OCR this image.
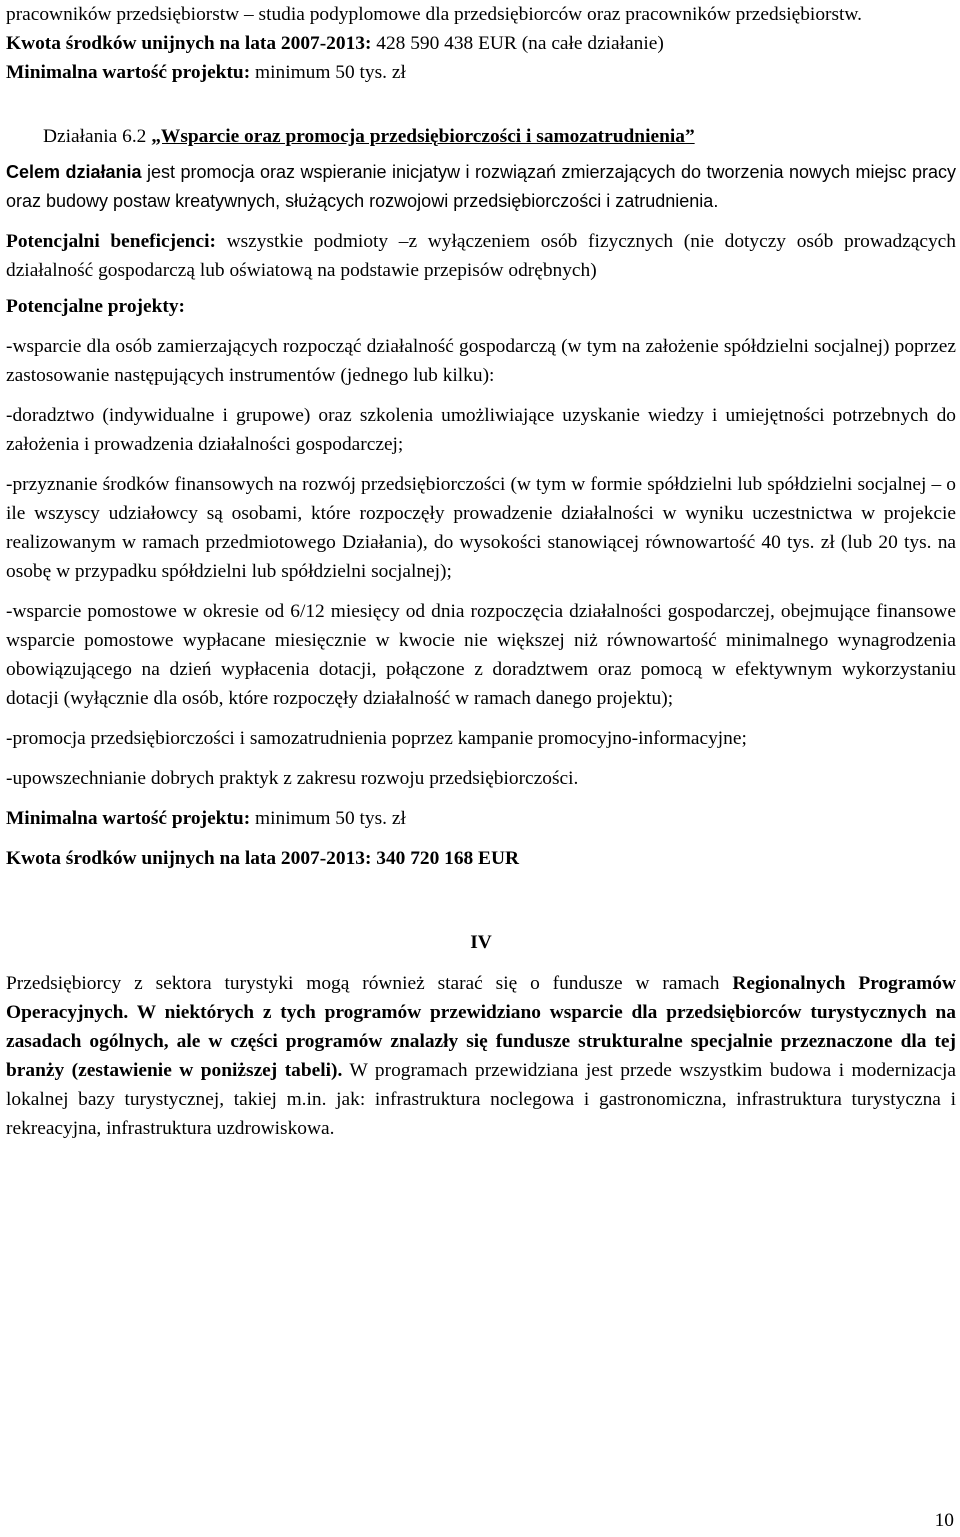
pracowników przedsiębiorstw – studia podyplomowe dla przedsiębiorców oraz pracowników przedsiębiorstw.

Kwota środków unijnych na lata 2007-2013: 428 590 438 EUR (na całe działanie)

Minimalna wartość projektu: minimum 50 tys. zł

Działania 6.2 „Wsparcie oraz promocja przedsiębiorczości i samozatrudnienia”

Celem działania jest promocja oraz wspieranie inicjatyw i rozwiązań zmierzających do tworzenia nowych miejsc pracy oraz budowy postaw kreatywnych, służących rozwojowi przedsiębiorczości i zatrudnienia.

Potencjalni beneficjenci: wszystkie podmioty –z wyłączeniem osób fizycznych (nie dotyczy osób prowadzących działalność gospodarczą lub oświatową na podstawie przepisów odrębnych)

Potencjalne projekty:

-wsparcie dla osób zamierzających rozpocząć działalność gospodarczą (w tym na założenie spółdzielni socjalnej) poprzez zastosowanie następujących instrumentów (jednego lub kilku):

-doradztwo (indywidualne i grupowe) oraz szkolenia umożliwiające uzyskanie wiedzy i umiejętności potrzebnych do założenia i prowadzenia działalności gospodarczej;

-przyznanie środków finansowych na rozwój przedsiębiorczości (w tym w formie spółdzielni lub spółdzielni socjalnej – o ile wszyscy udziałowcy są osobami, które rozpoczęły prowadzenie działalności w wyniku uczestnictwa w projekcie realizowanym w ramach przedmiotowego Działania), do wysokości stanowiącej równowartość 40 tys. zł (lub 20 tys. na osobę w przypadku spółdzielni lub spółdzielni socjalnej);

-wsparcie pomostowe w okresie od 6/12 miesięcy od dnia rozpoczęcia działalności gospodarczej, obejmujące finansowe wsparcie pomostowe wypłacane miesięcznie w kwocie nie większej niż równowartość minimalnego wynagrodzenia obowiązującego na dzień wypłacenia dotacji, połączone z doradztwem oraz pomocą w efektywnym wykorzystaniu dotacji (wyłącznie dla osób, które rozpoczęły działalność w ramach danego projektu);

-promocja przedsiębiorczości i samozatrudnienia poprzez kampanie promocyjno-informacyjne;

-upowszechnianie dobrych praktyk z zakresu rozwoju przedsiębiorczości.

Minimalna wartość projektu: minimum 50 tys. zł

Kwota środków unijnych na lata 2007-2013: 340 720 168 EUR

IV

Przedsiębiorcy z sektora turystyki mogą również starać się o fundusze w ramach Regionalnych Programów Operacyjnych. W niektórych z tych programów przewidziano wsparcie dla przedsiębiorców turystycznych na zasadach ogólnych, ale w części programów znalazły się fundusze strukturalne specjalnie przeznaczone dla tej branży (zestawienie w poniższej tabeli). W programach przewidziana jest przede wszystkim budowa i modernizacja lokalnej bazy turystycznej, takiej m.in. jak: infrastruktura noclegowa i gastronomiczna, infrastruktura turystyczna i rekreacyjna, infrastruktura uzdrowiskowa.

10
